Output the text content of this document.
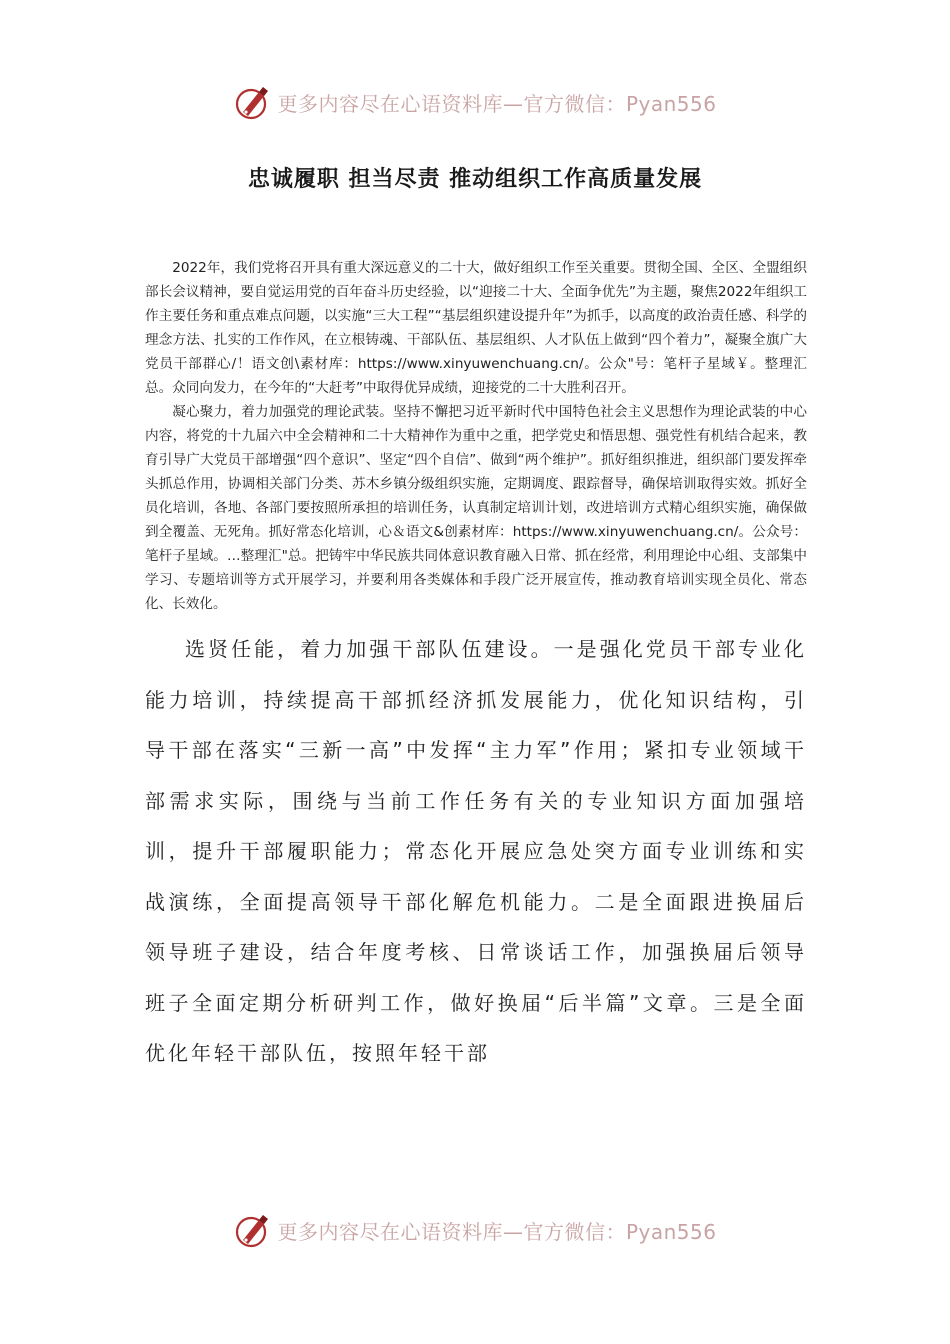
更多内容尽在心语资料库—官方微信：Pyan556
忠诚履职 担当尽责 推动组织工作高质量发展

2022年，我们党将召开具有重大深远意义的二十大，做好组织工作至关重要。贯彻全国、全区、全盟组织部长会议精神，要自觉运用党的百年奋斗历史经验，以“迎接二十大、全面争优先”为主题，聚焦2022年组织工作主要任务和重点难点问题，以实施“三大工程”“基层组织建设提升年”为抓手，以高度的政治责任感、科学的理念方法、扎实的工作作风，在立根铸魂、干部队伍、基层组织、人才队伍上做到“四个着力”，凝聚全旗广大党员干部群心/！语文创\素材库：https://www.xinyuwenchuang.cn/。公众"号：笔杆子星域￥。整理汇总。众同向发力，在今年的“大赶考”中取得优异成绩，迎接党的二十大胜利召开。

凝心聚力，着力加强党的理论武装。坚持不懈把习近平新时代中国特色社会主义思想作为理论武装的中心内容，将党的十九届六中全会精神和二十大精神作为重中之重，把学党史和悟思想、强党性有机结合起来，教育引导广大党员干部增强“四个意识”、坚定“四个自信”、做到“两个维护”。抓好组织推进，组织部门要发挥牵头抓总作用，协调相关部门分类、苏木乡镇分级组织实施，定期调度、跟踪督导，确保培训取得实效。抓好全员化培训，各地、各部门要按照所承担的培训任务，认真制定培训计划，改进培训方式精心组织实施，确保做到全覆盖、无死角。抓好常态化培训，心＆语文&创素材库：https://www.xinyuwenchuang.cn/。公众号：笔杆子星域。…整理汇"总。把铸牢中华民族共同体意识教育融入日常、抓在经常，利用理论中心组、支部集中学习、专题培训等方式开展学习，并要利用各类媒体和手段广泛开展宣传，推动教育培训实现全员化、常态化、长效化。

选贤任能，着力加强干部队伍建设。一是强化党员干部专业化能力培训，持续提高干部抓经济抓发展能力，优化知识结构，引导干部在落实“三新一高”中发挥“主力军”作用；紧扣专业领域干部需求实际，围绕与当前工作任务有关的专业知识方面加强培训，提升干部履职能力；常态化开展应急处突方面专业训练和实战演练，全面提高领导干部化解危机能力。二是全面跟进换届后领导班子建设，结合年度考核、日常谈话工作，加强换届后领导班子全面定期分析研判工作，做好换届“后半篇”文章。三是全面优化年轻干部队伍，按照年轻干部

更多内容尽在心语资料库—官方微信：Pyan556
